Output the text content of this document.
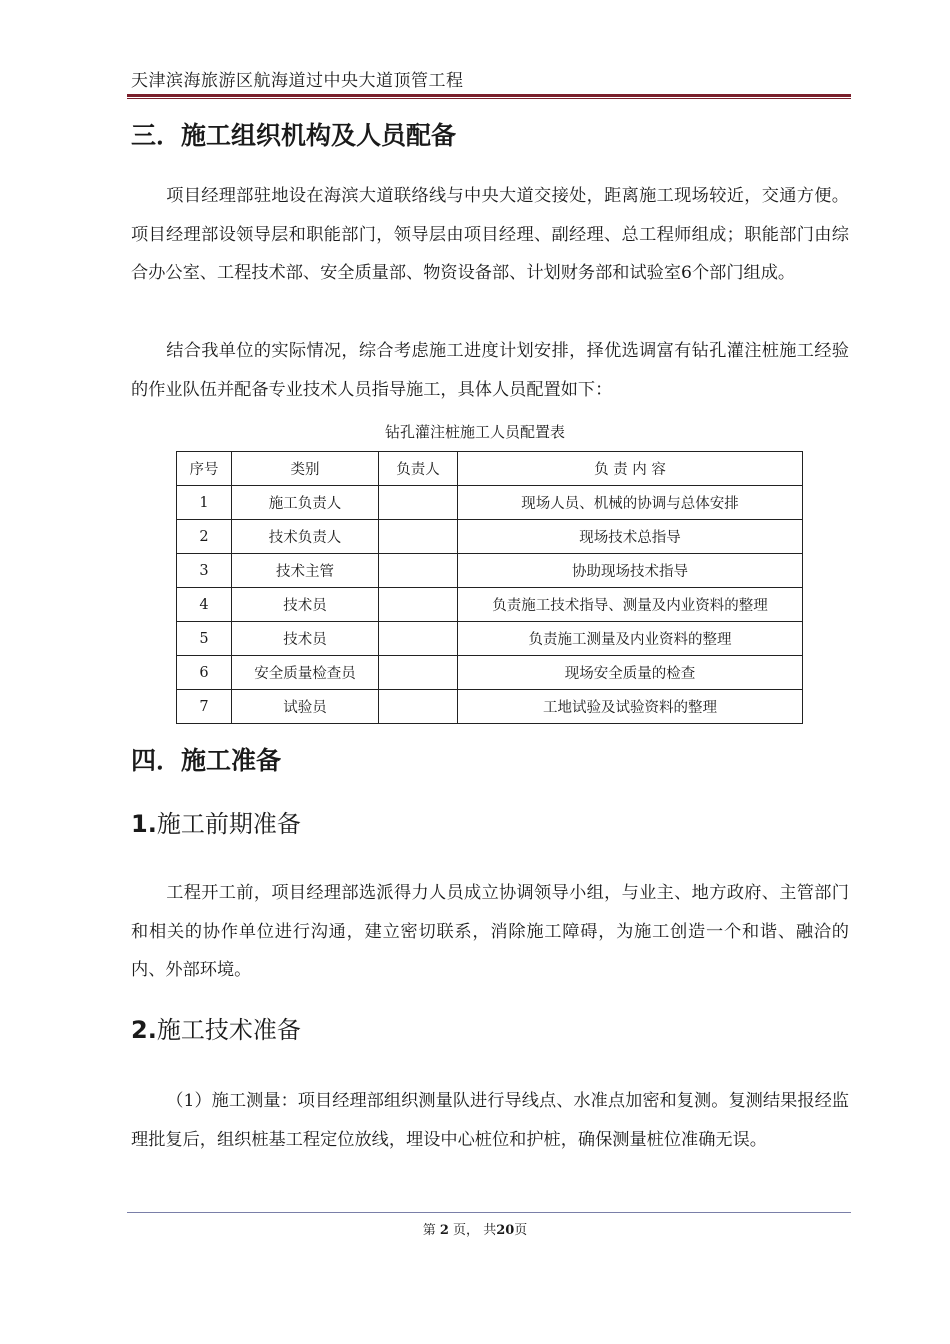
天津滨海旅游区航海道过中央大道顶管工程
三．施工组织机构及人员配备

项目经理部驻地设在海滨大道联络线与中央大道交接处，距离施工现场较近，交通方便。项目经理部设领导层和职能部门，领导层由项目经理、副经理、总工程师组成；职能部门由综合办公室、工程技术部、安全质量部、物资设备部、计划财务部和试验室6个部门组成。

结合我单位的实际情况，综合考虑施工进度计划安排，择优选调富有钻孔灌注桩施工经验的作业队伍并配备专业技术人员指导施工，具体人员配置如下：

钻孔灌注桩施工人员配置表
序号	类别	负责人	负 责 内 容
1	施工负责人		现场人员、机械的协调与总体安排
2	技术负责人		现场技术总指导
3	技术主管		协助现场技术指导
4	技术员		负责施工技术指导、测量及内业资料的整理
5	技术员		负责施工测量及内业资料的整理
6	安全质量检查员		现场安全质量的检查
7	试验员		工地试验及试验资料的整理
四．施工准备
1.施工前期准备

工程开工前，项目经理部选派得力人员成立协调领导小组，与业主、地方政府、主管部门和相关的协作单位进行沟通，建立密切联系，消除施工障碍，为施工创造一个和谐、融洽的内、外部环境。

2.施工技术准备

（1）施工测量：项目经理部组织测量队进行导线点、水准点加密和复测。复测结果报经监理批复后，组织桩基工程定位放线，埋设中心桩位和护桩，确保测量桩位准确无误。

第 2 页， 共20页
